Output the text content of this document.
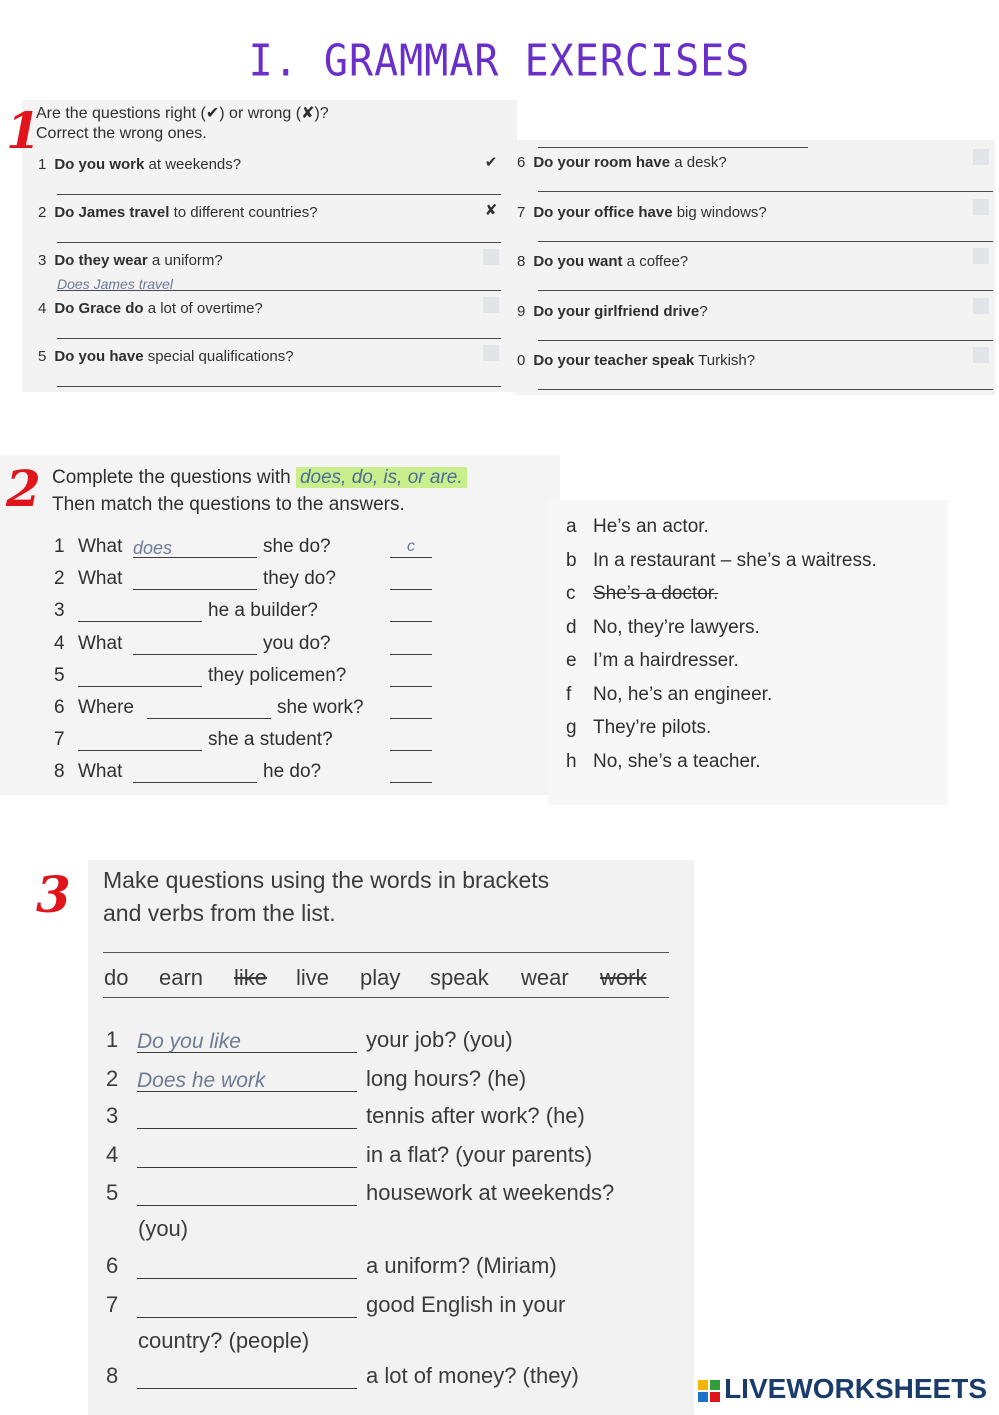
I. GRAMMAR EXERCISES
1
Are the questions right (✔) or wrong (✘)?
Correct the wrong ones.
1 Do you work at weekends?	✔
2 Do James travel to different countries?	✘
Does James travel
3 Do they wear a uniform?
4 Do Grace do a lot of overtime?
5 Do you have special qualifications?
6 Do your room have a desk?
7 Do your office have big windows?
8 Do you want a coffee?
9 Do your girlfriend drive?
0 Do your teacher speak Turkish?
2 Complete the questions with does, do, is, or are.
Then match the questions to the answers.
1 What does	she do?	c
2 What	they do?
3	he a builder?
4 What	you do?
5	they policemen?
6 Where	she work?
7	she a student?
8 What	he do?
a He’s an actor.
b In a restaurant – she’s a waitress.
c She’s a doctor.
d No, they’re lawyers.
e I’m a hairdresser.
f No, he’s an engineer.
g They’re pilots.
h No, she’s a teacher.
3 Make questions using the words in brackets
and verbs from the list.
do earn like live play speak wear work
1 Do you like	your job? (you)
2 Does he work	long hours? (he)
3	tennis after work? (he)
4	in a flat? (your parents)
5	housework at weekends?
(you)
6	a uniform? (Miriam)
7	good English in your
country? (people)
8	a lot of money? (they)	LIVEWORKSHEETS
